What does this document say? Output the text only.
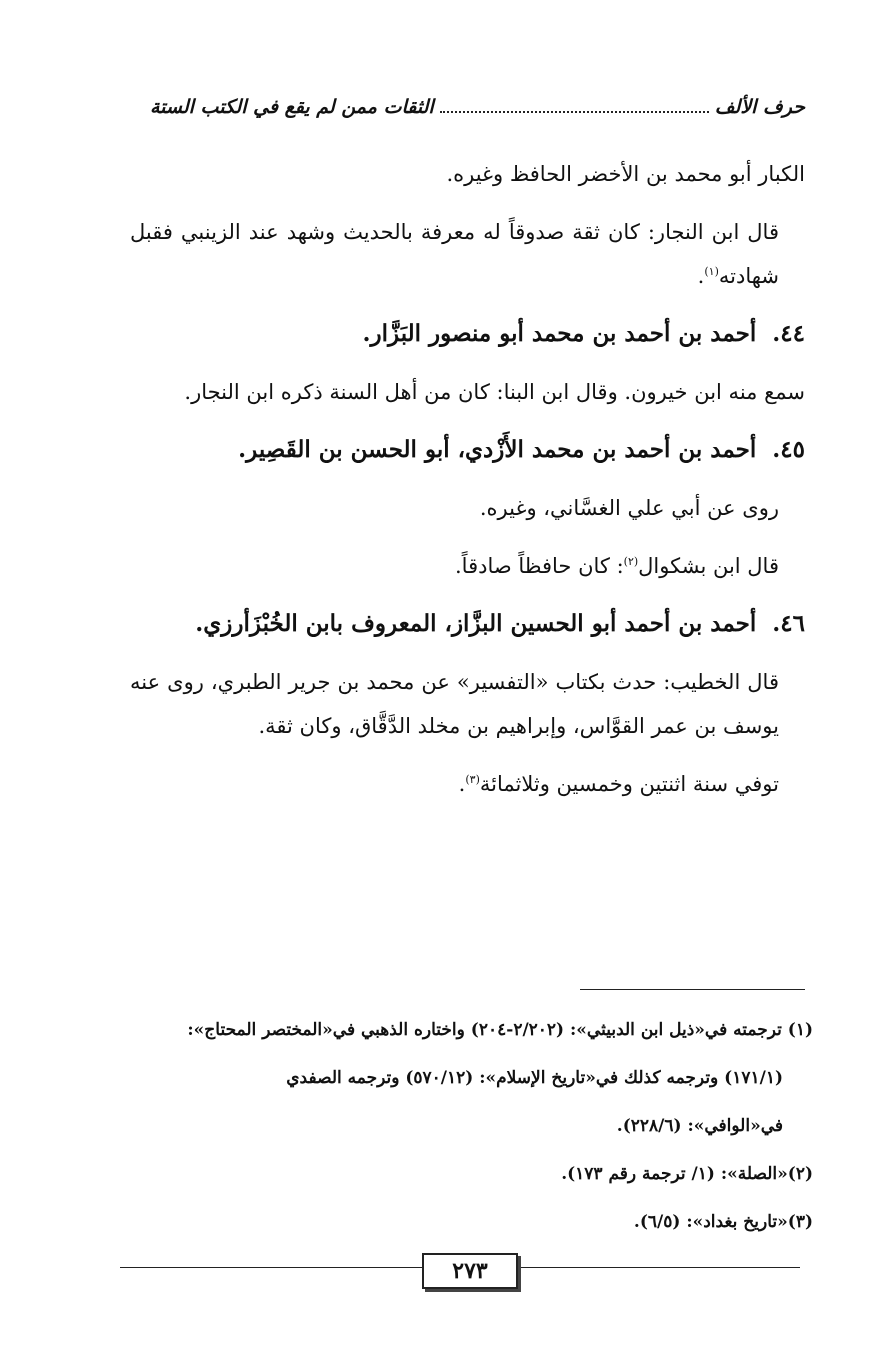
حرف الألف
الثقات ممن لم يقع في الكتب الستة

الكبار أبو محمد بن الأخضر الحافظ وغيره.

قال ابن النجار: كان ثقة صدوقاً له معرفة بالحديث وشهد عند الزينبي فقبل شهادته$^{(١)}$.

٤٤.
أحمد بن أحمد بن محمد أبو منصور البَزَّار.

سمع منه ابن خيرون. وقال ابن البنا: كان من أهل السنة ذكره ابن النجار.

٤٥.
أحمد بن أحمد بن محمد الأَزْدي، أبو الحسن بن القَصِير.

روى عن أبي علي الغسَّاني، وغيره.

قال ابن بشكوال$^{(٢)}$: كان حافظاً صادقاً.

٤٦.
أحمد بن أحمد أبو الحسين البزَّاز، المعروف بابن الخُبْزَأرزي.

قال الخطيب: حدث بكتاب «التفسير» عن محمد بن جرير الطبري، روى عنه يوسف بن عمر القوَّاس، وإبراهيم بن مخلد الدَّقَّاق، وكان ثقة.

توفي سنة اثنتين وخمسين وثلاثمائة$^{(٣)}$.

(١) ترجمته في«ذيل ابن الدبيثي»: (٢/٢٠٢-٢٠٤) واختاره الذهبي في«المختصر المحتاج»:

(١٧١/١) وترجمه كذلك في«تاريخ الإسلام»: (٥٧٠/١٢) وترجمه الصفدي

في«الوافي»: (٢٢٨/٦).

(٢)«الصلة»: (١/ ترجمة رقم ١٧٣).

(٣)«تاريخ بغداد»: (٦/٥).

٢٧٣
